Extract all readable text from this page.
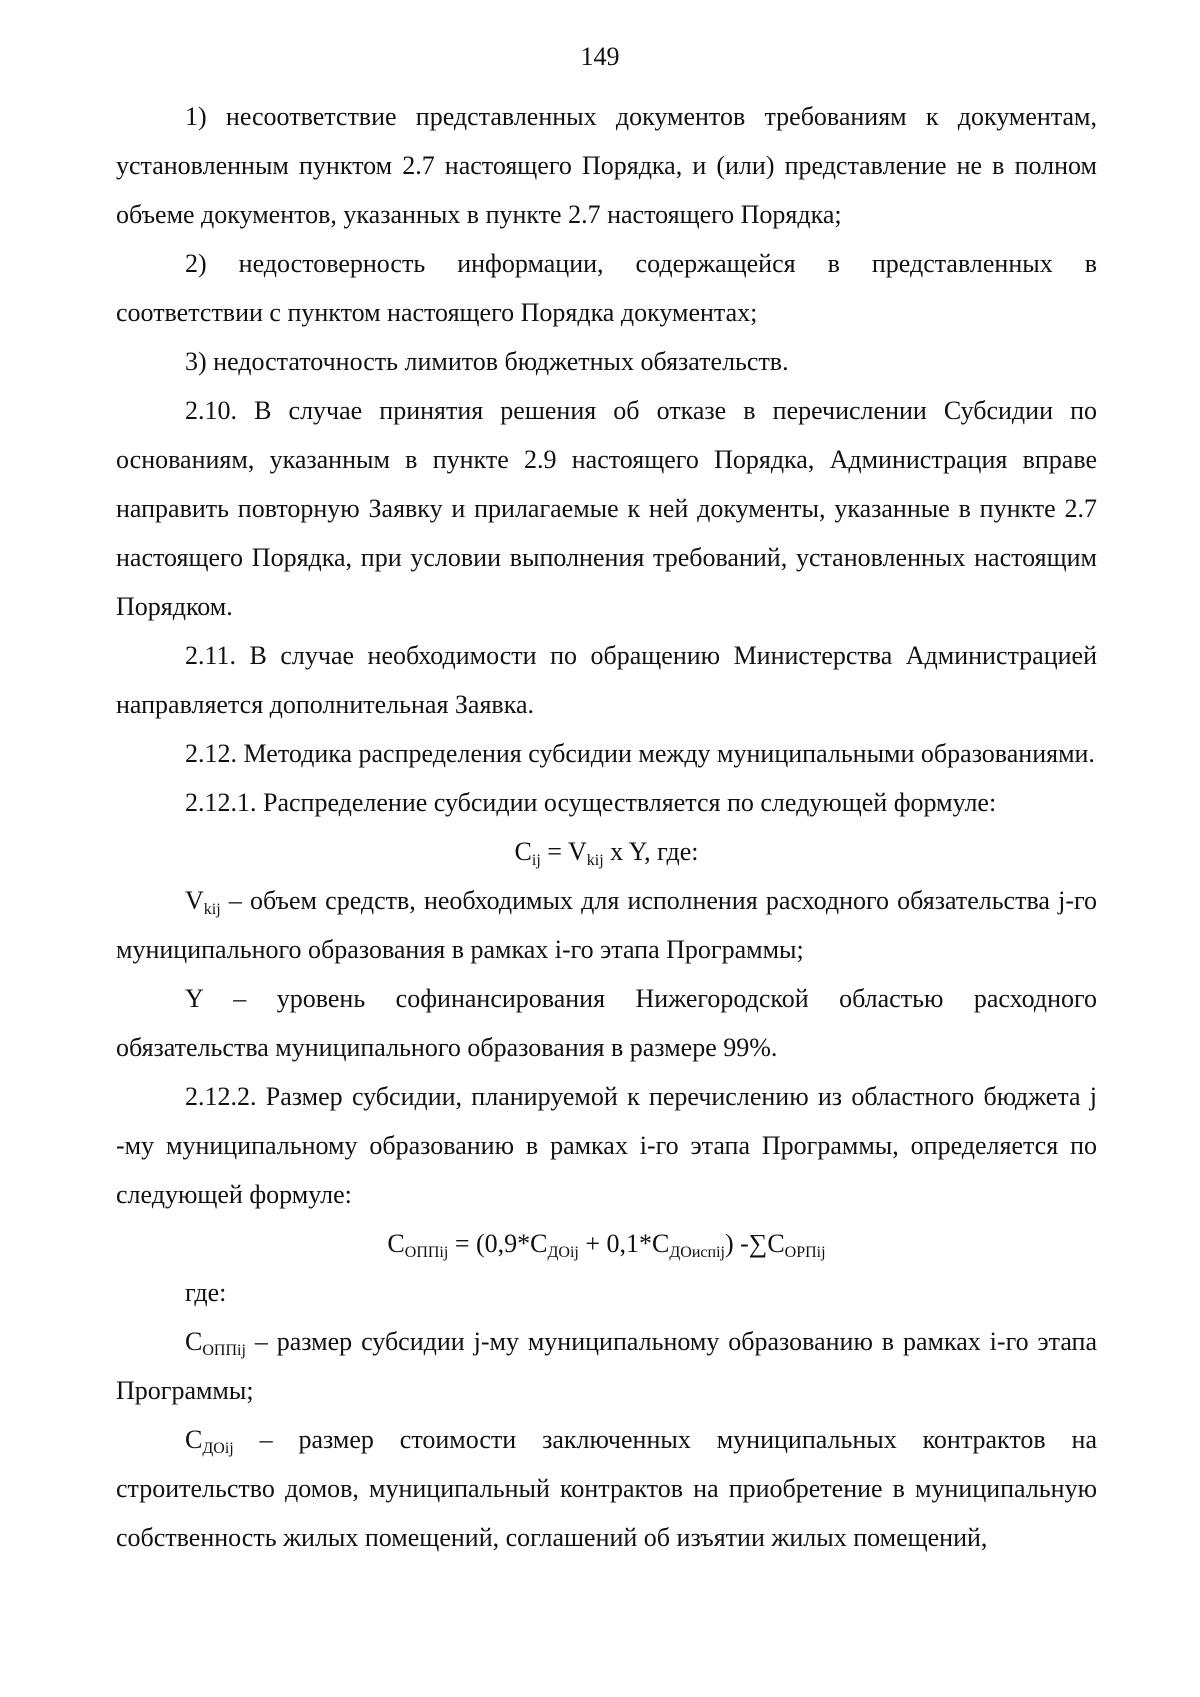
149

1) несоответствие представленных документов требованиям к документам, установленным пунктом 2.7 настоящего Порядка, и (или) представление не в полном объеме документов, указанных в пункте 2.7 настоящего Порядка;

2) недостоверность информации, содержащейся в представленных в соответствии с пунктом настоящего Порядка документах;

3) недостаточность лимитов бюджетных обязательств.

2.10. В случае принятия решения об отказе в перечислении Субсидии по основаниям, указанным в пункте 2.9 настоящего Порядка, Администрация вправе направить повторную Заявку и прилагаемые к ней документы, указанные в пункте 2.7 настоящего Порядка, при условии выполнения требований, установленных настоящим Порядком.

2.11. В случае необходимости по обращению Министерства Администрацией направляется дополнительная Заявка.

2.12. Методика распределения субсидии между муниципальными образованиями.

2.12.1. Распределение субсидии осуществляется по следующей формуле:

$C_{ij} = V_{kij}$ x Y, где:

$V_{kij}$ – объем средств, необходимых для исполнения расходного обязательства j-го муниципального образования в рамках i-го этапа Программы;

Y – уровень софинансирования Нижегородской областью расходного обязательства муниципального образования в размере 99%.

2.12.2. Размер субсидии, планируемой к перечислению из областного бюджета j -му муниципальному образованию в рамках i-го этапа Программы, определяется по следующей формуле:

$C_{ОППij} = (0,9*C_{ДОij} + 0,1*C_{ДОиспij})$ $-\sum C_{ОРПij}$

где:

$C_{ОППij}$ – размер субсидии j-му муниципальному образованию в рамках i-го этапа Программы;

$C_{ДОij}$ – размер стоимости заключенных муниципальных контрактов на строительство домов, муниципальный контрактов на приобретение в муниципальную собственность жилых помещений, соглашений об изъятии жилых помещений,
